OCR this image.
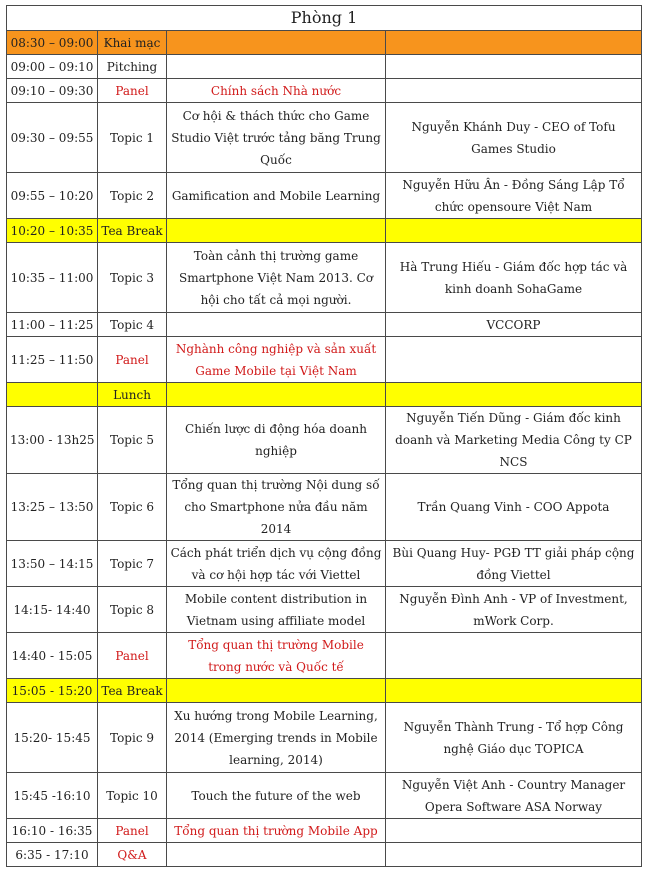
Phòng 1			
08:30 – 09:00	Khai mạc		
09:00 – 09:10	Pitching		
09:10 – 09:30	Panel	Chính sách Nhà nước	
09:30 – 09:55	Topic 1	Cơ hội & thách thức cho Game Studio Việt trước tảng băng Trung Quốc	Nguyễn Khánh Duy - CEO of Tofu Games Studio
09:55 – 10:20	Topic 2	Gamification and Mobile Learning	Nguyễn Hữu Ân - Đồng Sáng Lập Tổ chức opensoure Việt Nam
10:20 – 10:35	Tea Break		
10:35 – 11:00	Topic 3	Toàn cảnh thị trường game Smartphone Việt Nam 2013. Cơ hội cho tất cả mọi người.	Hà Trung Hiếu - Giám đốc hợp tác và kinh doanh SohaGame
11:00 – 11:25	Topic 4		VCCORP
11:25 – 11:50	Panel	Nghành công nghiệp và sản xuất Game Mobile tại Việt Nam	
	Lunch		
13:00 - 13h25	Topic 5	Chiến lược di động hóa doanh nghiệp	Nguyễn Tiến Dũng - Giám đốc kinh doanh và Marketing Media Công ty CP NCS
13:25 – 13:50	Topic 6	Tổng quan thị trường Nội dung số cho Smartphone nửa đầu năm 2014	Trần Quang Vinh - COO Appota
13:50 – 14:15	Topic 7	Cách phát triển dịch vụ cộng đồng và cơ hội hợp tác với Viettel	Bùi Quang Huy- PGĐ TT giải pháp cộng đồng Viettel
14:15- 14:40	Topic 8	Mobile content distribution in Vietnam using affiliate model	Nguyễn Đình Anh - VP of Investment, mWork Corp.
14:40 - 15:05	Panel	Tổng quan thị trường Mobile trong nước và Quốc tế	
15:05 - 15:20	Tea Break		
15:20- 15:45	Topic 9	Xu hướng trong Mobile Learning, 2014 (Emerging trends in Mobile learning, 2014)	Nguyễn Thành Trung - Tổ hợp Công nghệ Giáo dục TOPICA
15:45 -16:10	Topic 10	Touch the future of the web	Nguyễn Việt Anh - Country Manager Opera Software ASA Norway
16:10 - 16:35	Panel	Tổng quan thị trường Mobile App	
6:35 - 17:10	Q&A		
